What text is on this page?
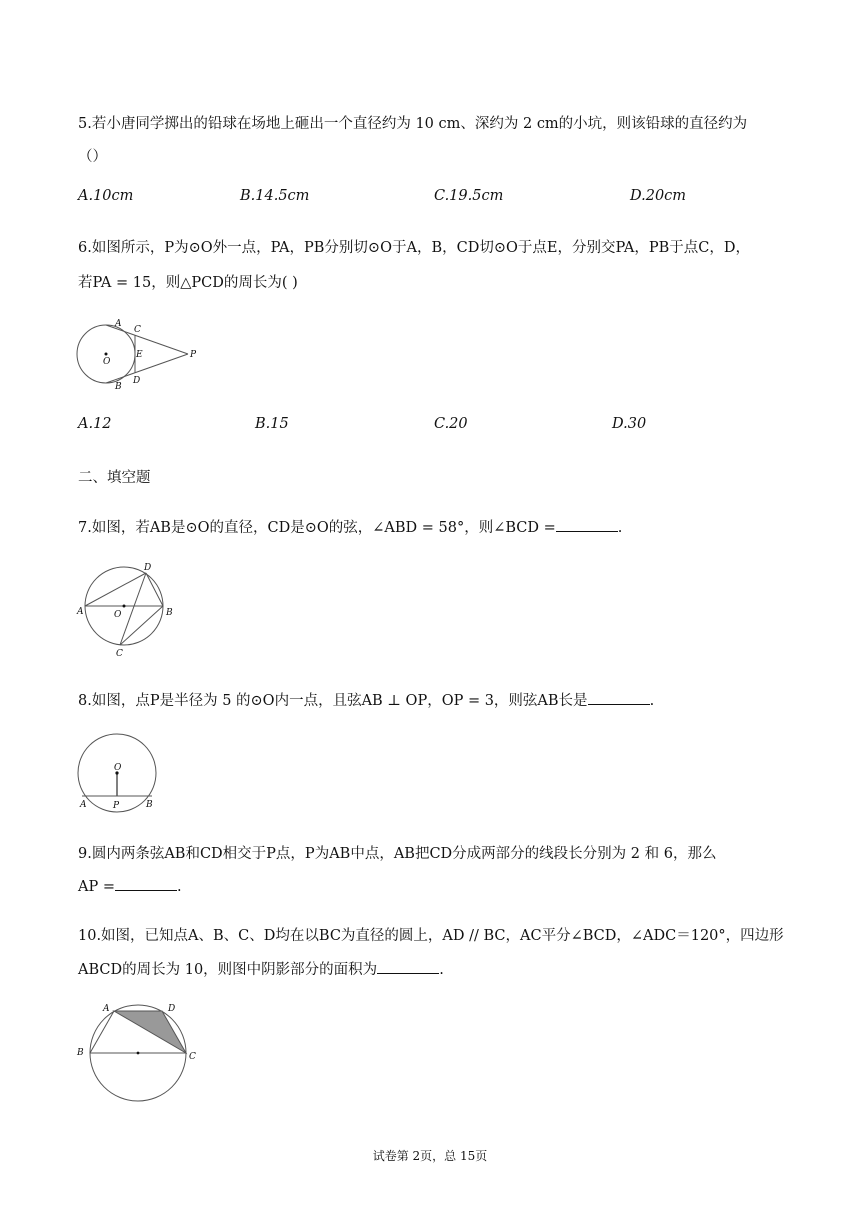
5.若小唐同学掷出的铅球在场地上砸出一个直径约为 10 cm、深约为 2 cm的小坑，则该铅球的直径约为
（）
A.10cm	B.14.5cm	C.19.5cm	D.20cm
6.如图所示，P为⊙O外一点，PA，PB分别切⊙O于A，B，CD切⊙O于点E，分别交PA，PB于点C，D，
若PA = 15，则△PCD的周长为( )
A
C
E	P
O
B
D
A.12	B.15	C.20	D.30
二、填空题
7.如图，若AB是⊙O的直径，CD是⊙O的弦，∠ABD = 58°，则∠BCD =	.
D
A	O	B
C
8.如图，点P是半径为 5 的⊙O内一点，且弦AB ⊥ OP，OP = 3，则弦AB长是	.
O
A	P	B
9.圆内两条弦AB和CD相交于P点，P为AB中点，AB把CD分成两部分的线段长分别为 2 和 6，那么
AP =	.
10.如图，已知点A、B、C、D均在以BC为直径的圆上，AD // BC，AC平分∠BCD，∠ADC＝120°，四边形
ABCD的周长为 10，则图中阴影部分的面积为	.
A	D
B	C
试卷第 2页，总 15页
